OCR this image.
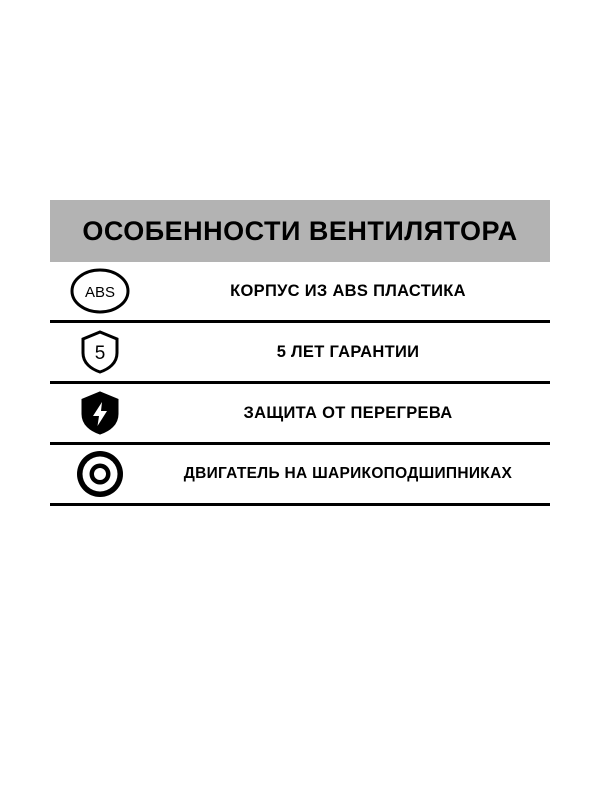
ОСОБЕННОСТИ ВЕНТИЛЯТОРА
ABS	КОРПУС ИЗ ABS ПЛАСТИКА
5	5 ЛЕТ ГАРАНТИИ
ЗАЩИТА ОТ ПЕРЕГРЕВА
ДВИГАТЕЛЬ НА ШАРИКОПОДШИПНИКАХ
